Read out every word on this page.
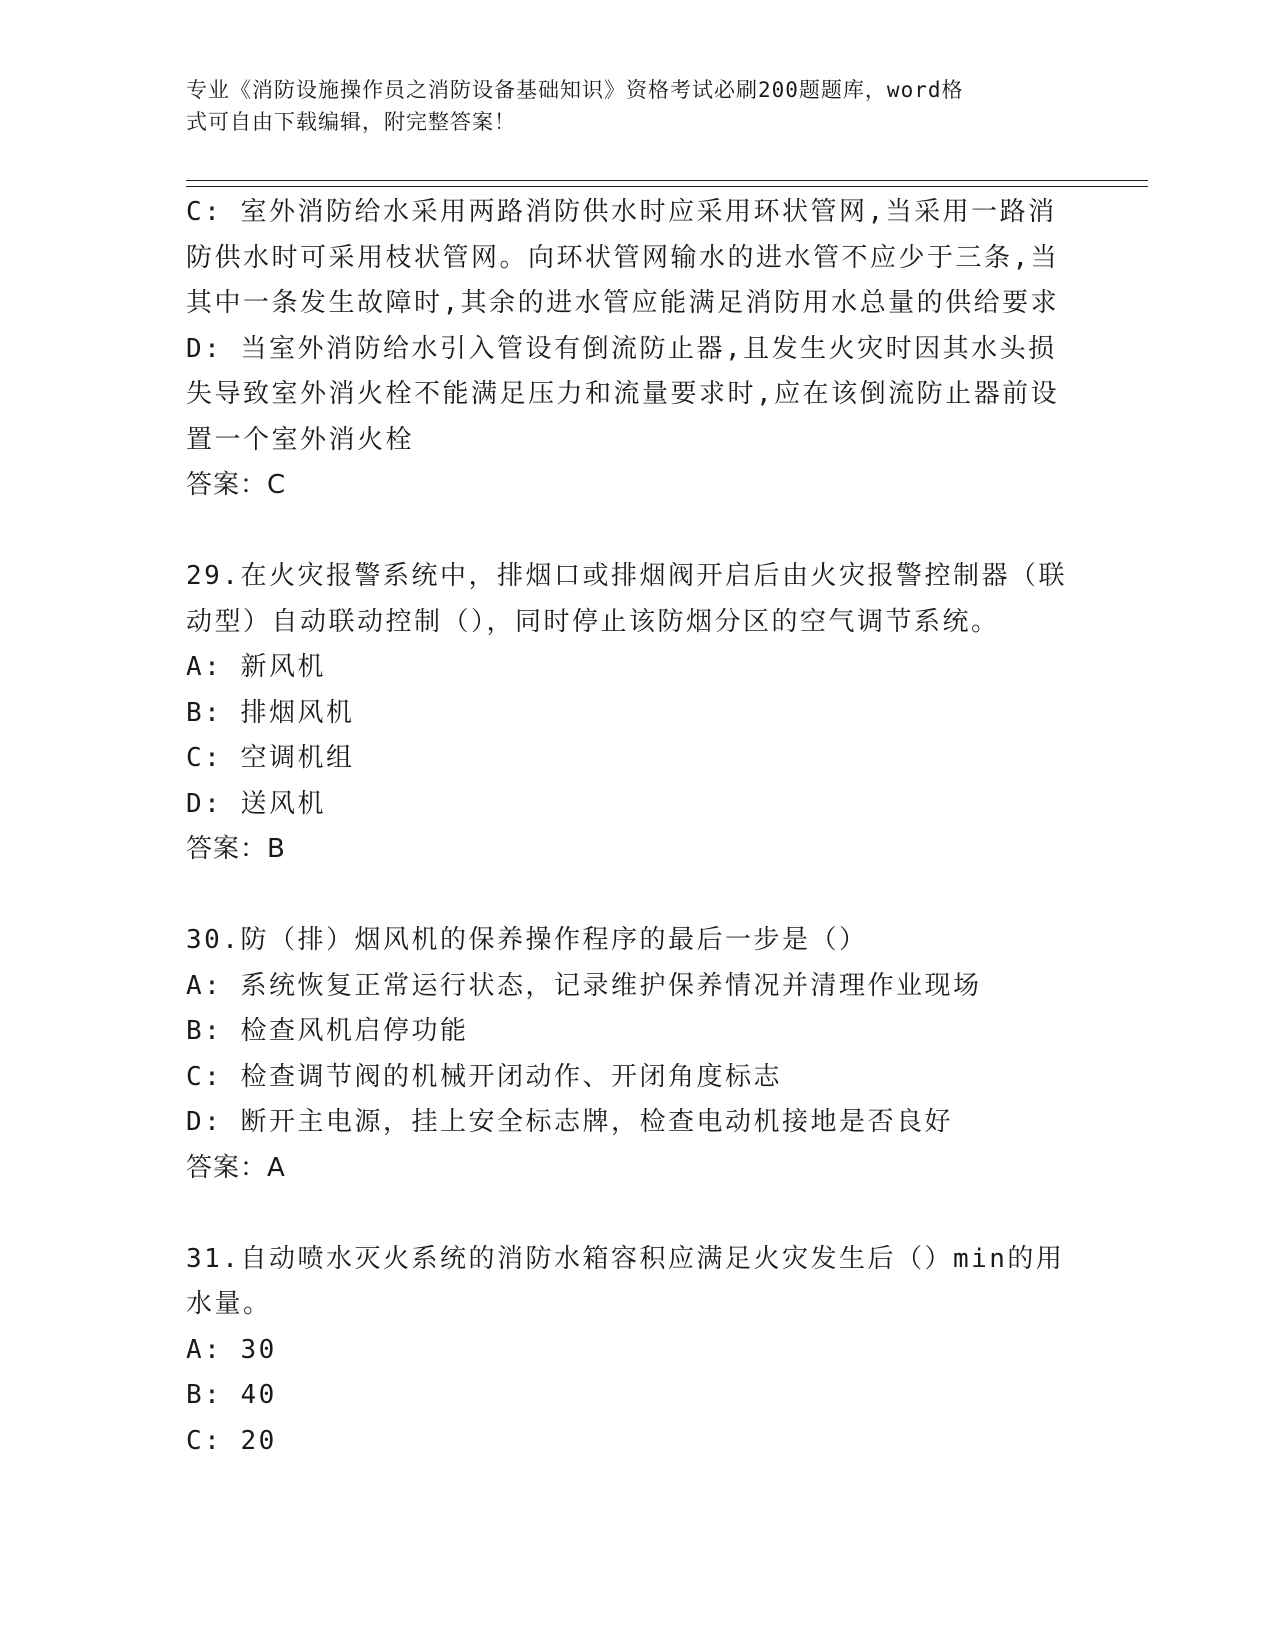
专业《消防设施操作员之消防设备基础知识》资格考试必刷200题题库，word格
式可自由下载编辑，附完整答案！
C: 室外消防给水采用两路消防供水时应采用环状管网,当采用一路消
防供水时可采用枝状管网。向环状管网输水的进水管不应少于三条,当
其中一条发生故障时,其余的进水管应能满足消防用水总量的供给要求
D: 当室外消防给水引入管设有倒流防止器,且发生火灾时因其水头损
失导致室外消火栓不能满足压力和流量要求时,应在该倒流防止器前设
置一个室外消火栓
答案：C
29.在火灾报警系统中，排烟口或排烟阀开启后由火灾报警控制器（联
动型）自动联动控制（），同时停止该防烟分区的空气调节系统。
A: 新风机
B: 排烟风机
C: 空调机组
D: 送风机
答案：B
30.防（排）烟风机的保养操作程序的最后一步是（）
A: 系统恢复正常运行状态，记录维护保养情况并清理作业现场
B: 检查风机启停功能
C: 检查调节阀的机械开闭动作、开闭角度标志
D: 断开主电源，挂上安全标志牌，检查电动机接地是否良好
答案：A
31.自动喷水灭火系统的消防水箱容积应满足火灾发生后（）min的用
水量。
A: 30
B: 40
C: 20
